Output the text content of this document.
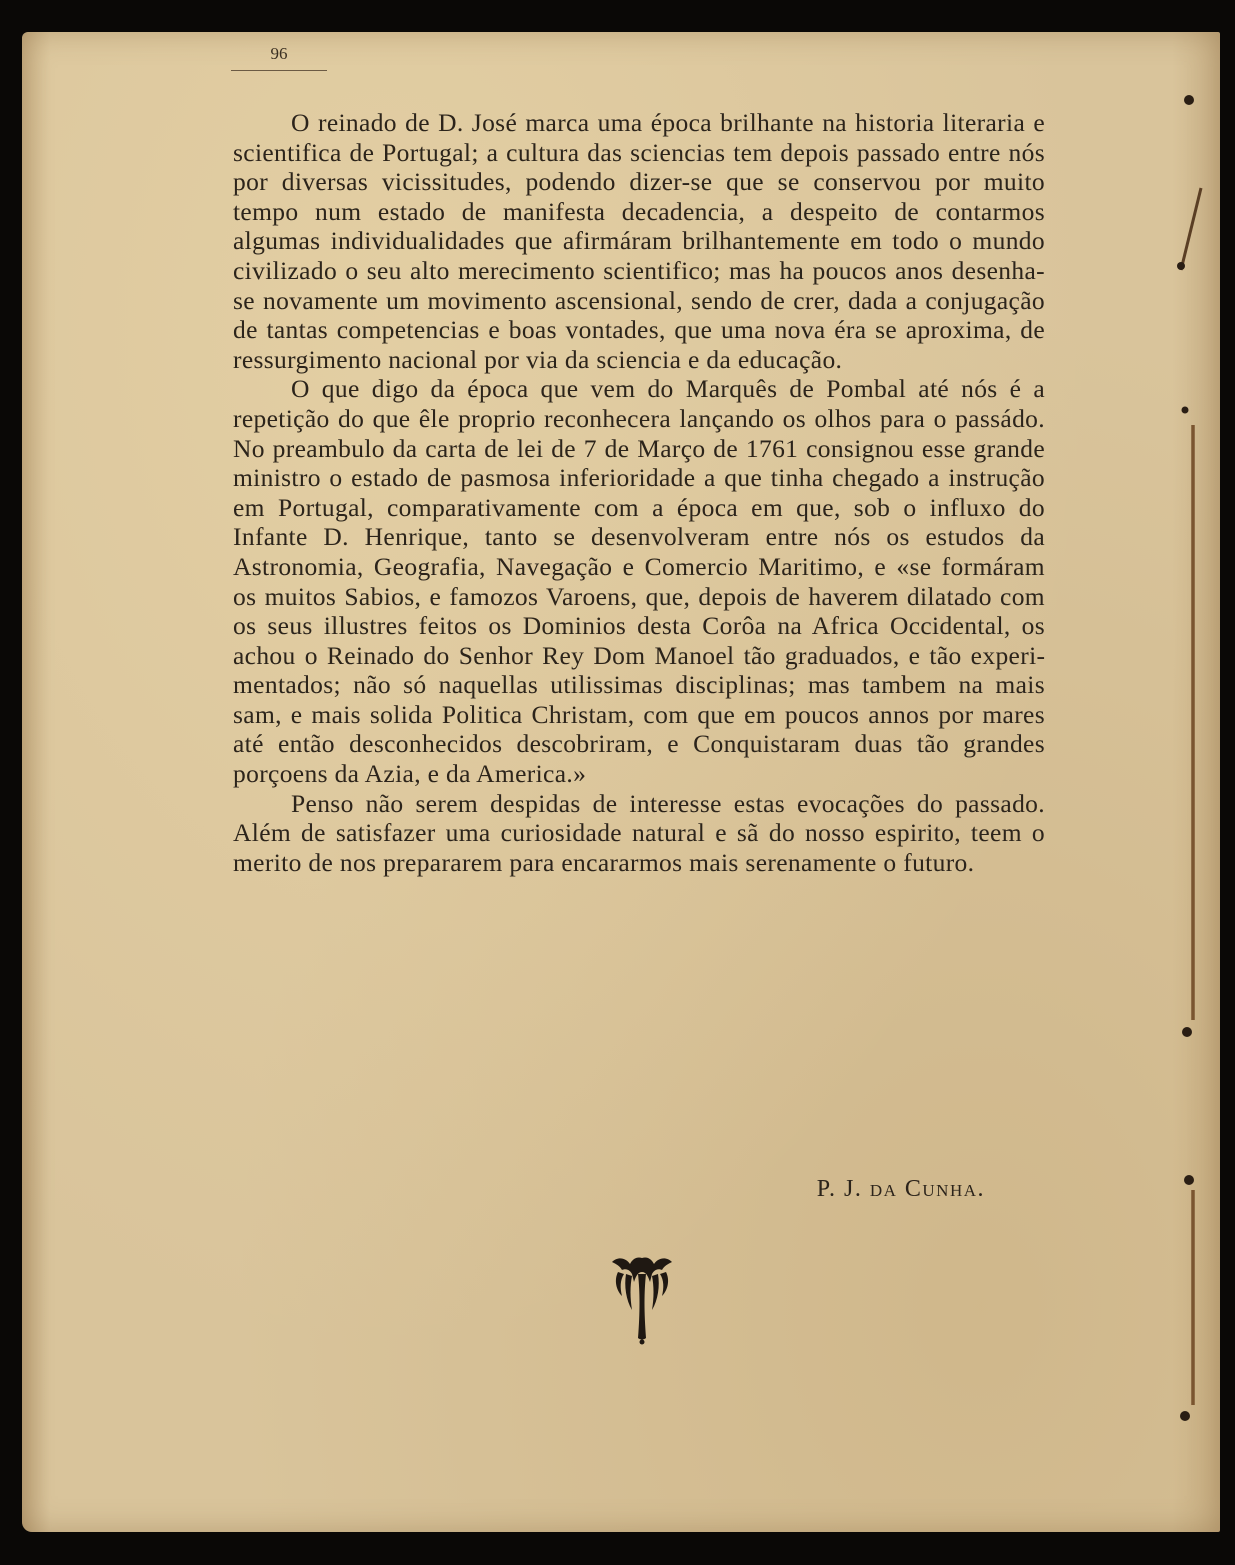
96

O reinado de D. José marca uma época brilhante na historia literaria e scientifica de Portugal; a cultura das sciencias tem depois passado entre nós por diversas vicissitudes, podendo dizer-se que se conservou por muito tempo num estado de manifesta decadencia, a despeito de contarmos algumas individualidades que afirmáram brilhantemente em todo o mundo civilizado o seu alto merecimento scientifico; mas ha poucos anos desenha-se novamente um movimento ascensional, sendo de crer, dada a conjugação de tantas competencias e boas vontades, que uma nova éra se aproxima, de ressurgimento nacional por via da sciencia e da educação.

O que digo da época que vem do Marquês de Pombal até nós é a repetição do que êle proprio reconhecera lançando os olhos para o passádo. No preambulo da carta de lei de 7 de Março de 1761 consignou esse grande ministro o estado de pasmosa inferioridade a que tinha chegado a instrução em Portugal, comparativamente com a época em que, sob o influxo do Infante D. Henrique, tanto se desenvolveram entre nós os estudos da Astronomia, Geografia, Navegação e Comercio Maritimo, e «se formáram os muitos Sabios, e famozos Varoens, que, depois de haverem dilatado com os seus illustres feitos os Dominios desta Corôa na Africa Occidental, os achou o Reinado do Senhor Rey Dom Manoel tão graduados, e tão experimentados; não só naquellas utilissimas disciplinas; mas tambem na mais sam, e mais solida Politica Christam, com que em poucos annos por mares até então desconhecidos descobriram, e Conquistaram duas tão grandes porçoens da Azia, e da America.»

Penso não serem despidas de interesse estas evocações do passado. Além de satisfazer uma curiosidade natural e sã do nosso espirito, teem o merito de nos prepararem para encararmos mais serenamente o futuro.

P. J. da Cunha.
